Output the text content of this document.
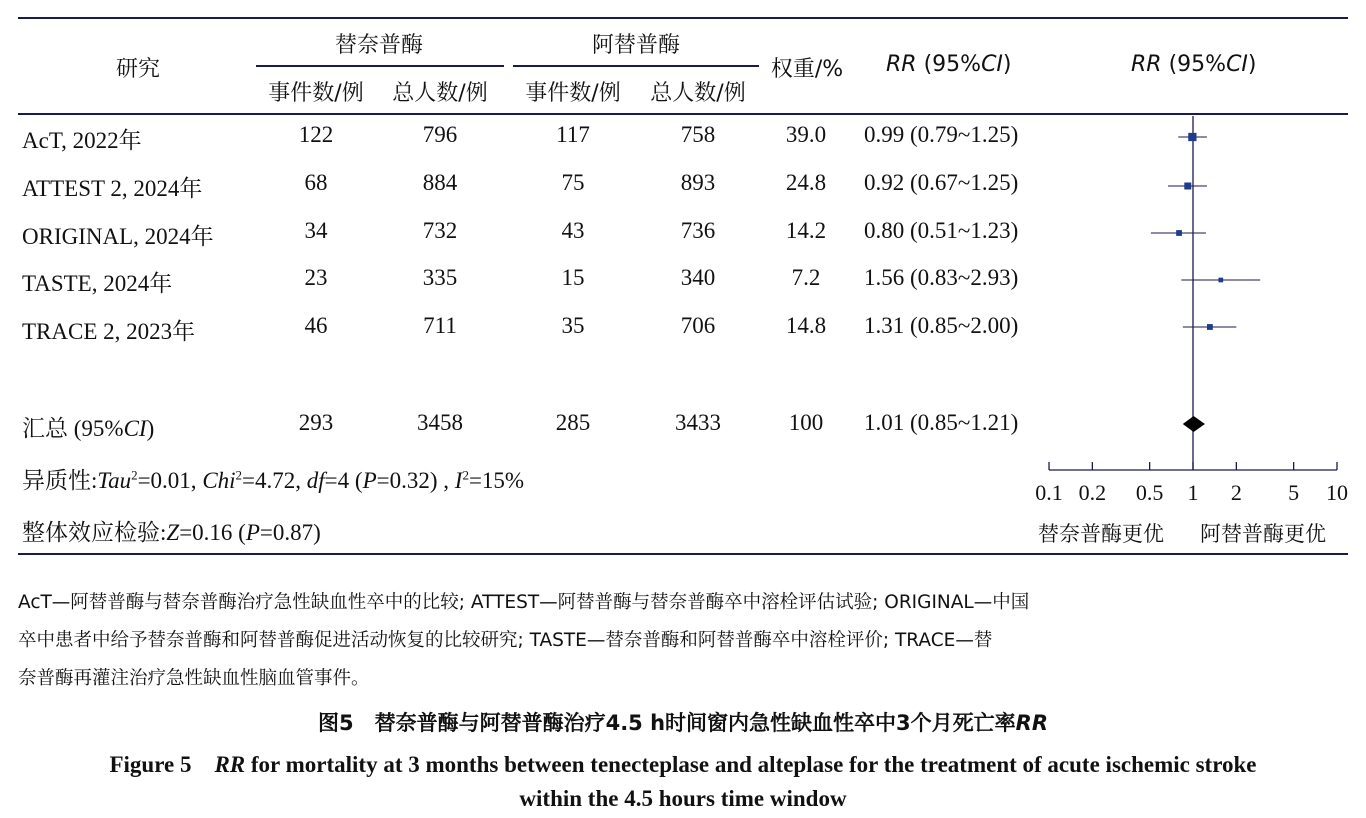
研究
替奈普酶	阿替普酶
事件数/例 总人数/例 事件数/例 总人数/例
权重/% RR (95%CI)	RR (95%CI)
AcT, 2022年	122	796	117	758	39.0 0.99 (0.79~1.25)
ATTEST 2, 2024年	68	884	75	893	24.8 0.92 (0.67~1.25)
ORIGINAL, 2024年	34	732	43	736	14.2 0.80 (0.51~1.23)
TASTE, 2024年	23	335	15	340	7.2 1.56 (0.83~2.93)
TRACE 2, 2023年	46	711	35	706	14.8 1.31 (0.85~2.00)
汇总 (95%CI)	293	3458	285	3433	100 1.01 (0.85~1.21)
异质性:Tau$^2$=0.01, Chi$^2$=4.72, df=4 (P=0.32) , $I^2=15\%$
整体效应检验:Z=0.16 (P=0.87)
0.1 0.2 0.5 1 2 5 10
替奈普酶更优 阿替普酶更优
AcT—阿替普酶与替奈普酶治疗急性缺血性卒中的比较; ATTEST—阿替普酶与替奈普酶卒中溶栓评估试验; ORIGINAL—中国
卒中患者中给予替奈普酶和阿替普酶促进活动恢复的比较研究; TASTE—替奈普酶和阿替普酶卒中溶栓评价; TRACE—替
奈普酶再灌注治疗急性缺血性脑血管事件。
图5　替奈普酶与阿替普酶治疗4.5 h时间窗内急性缺血性卒中3个月死亡率RR
Figure 5　RR for mortality at 3 months between tenecteplase and alteplase for the treatment of acute ischemic stroke
within the 4.5 hours time window
